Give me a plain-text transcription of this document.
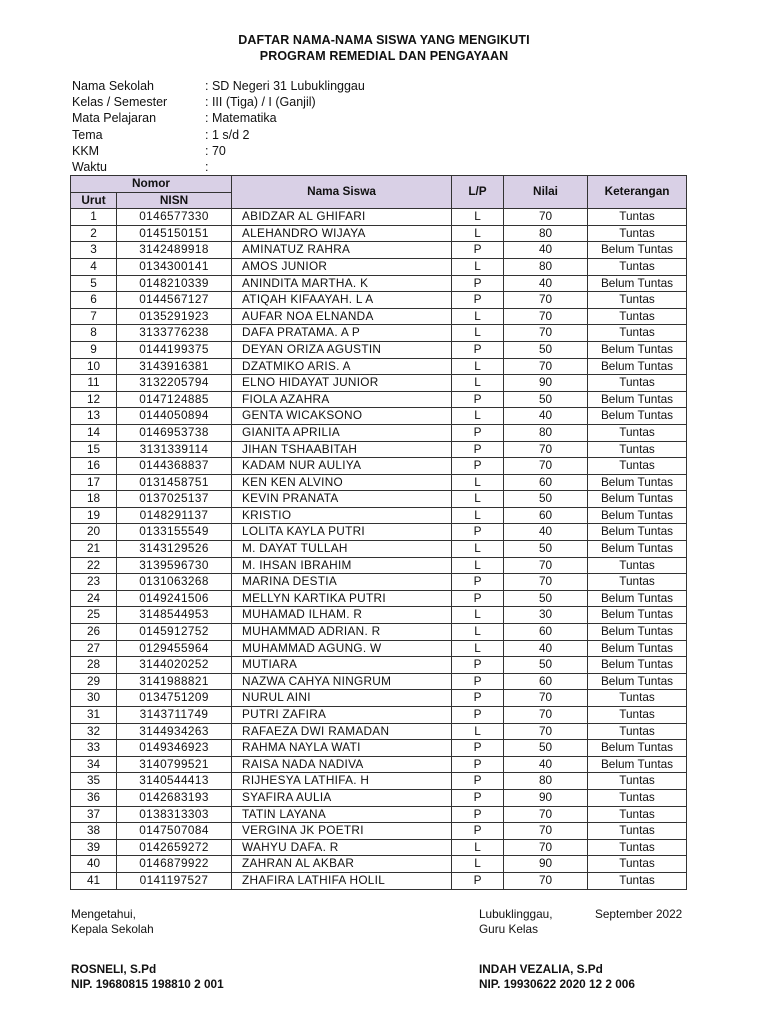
DAFTAR NAMA-NAMA SISWA YANG MENGIKUTI
PROGRAM REMEDIAL DAN PENGAYAAN
Nama Sekolah	: SD Negeri 31 Lubuklinggau
Kelas / Semester	: III (Tiga) / I (Ganjil)
Mata Pelajaran	: Matematika
Tema	: 1 s/d 2
KKM	: 70
Waktu	:
Nomor		Nama Siswa	L/P	Nilai	Keterangan
Urut	NISN				
1	0146577330	ABIDZAR AL GHIFARI	L	70	Tuntas
2	0145150151	ALEHANDRO WIJAYA	L	80	Tuntas
3	3142489918	AMINATUZ RAHRA	P	40	Belum Tuntas
4	0134300141	AMOS JUNIOR	L	80	Tuntas
5	0148210339	ANINDITA MARTHA. K	P	40	Belum Tuntas
6	0144567127	ATIQAH KIFAAYAH. L A	P	70	Tuntas
7	0135291923	AUFAR NOA ELNANDA	L	70	Tuntas
8	3133776238	DAFA PRATAMA. A P	L	70	Tuntas
9	0144199375	DEYAN ORIZA AGUSTIN	P	50	Belum Tuntas
10	3143916381	DZATMIKO ARIS. A	L	70	Belum Tuntas
11	3132205794	ELNO HIDAYAT JUNIOR	L	90	Tuntas
12	0147124885	FIOLA AZAHRA	P	50	Belum Tuntas
13	0144050894	GENTA WICAKSONO	L	40	Belum Tuntas
14	0146953738	GIANITA APRILIA	P	80	Tuntas
15	3131339114	JIHAN TSHAABITAH	P	70	Tuntas
16	0144368837	KADAM NUR AULIYA	P	70	Tuntas
17	0131458751	KEN KEN ALVINO	L	60	Belum Tuntas
18	0137025137	KEVIN PRANATA	L	50	Belum Tuntas
19	0148291137	KRISTIO	L	60	Belum Tuntas
20	0133155549	LOLITA KAYLA PUTRI	P	40	Belum Tuntas
21	3143129526	M. DAYAT TULLAH	L	50	Belum Tuntas
22	3139596730	M. IHSAN IBRAHIM	L	70	Tuntas
23	0131063268	MARINA DESTIA	P	70	Tuntas
24	0149241506	MELLYN KARTIKA PUTRI	P	50	Belum Tuntas
25	3148544953	MUHAMAD ILHAM. R	L	30	Belum Tuntas
26	0145912752	MUHAMMAD ADRIAN. R	L	60	Belum Tuntas
27	0129455964	MUHAMMAD AGUNG. W	L	40	Belum Tuntas
28	3144020252	MUTIARA	P	50	Belum Tuntas
29	3141988821	NAZWA CAHYA NINGRUM	P	60	Belum Tuntas
30	0134751209	NURUL AINI	P	70	Tuntas
31	3143711749	PUTRI ZAFIRA	P	70	Tuntas
32	3144934263	RAFAEZA DWI RAMADAN	L	70	Tuntas
33	0149346923	RAHMA NAYLA WATI	P	50	Belum Tuntas
34	3140799521	RAISA NADA NADIVA	P	40	Belum Tuntas
35	3140544413	RIJHESYA LATHIFA. H	P	80	Tuntas
36	0142683193	SYAFIRA AULIA	P	90	Tuntas
37	0138313303	TATIN LAYANA	P	70	Tuntas
38	0147507084	VERGINA JK POETRI	P	70	Tuntas
39	0142659272	WAHYU DAFA. R	L	70	Tuntas
40	0146879922	ZAHRAN AL AKBAR	L	90	Tuntas
41	0141197527	ZHAFIRA LATHIFA HOLIL	P	70	Tuntas
Mengetahui,
Kepala Sekolah
ROSNELI, S.Pd
NIP. 19680815 198810 2 001
Lubuklinggau,
Guru Kelas
September 2022
INDAH VEZALIA, S.Pd
NIP. 19930622 2020 12 2 006
